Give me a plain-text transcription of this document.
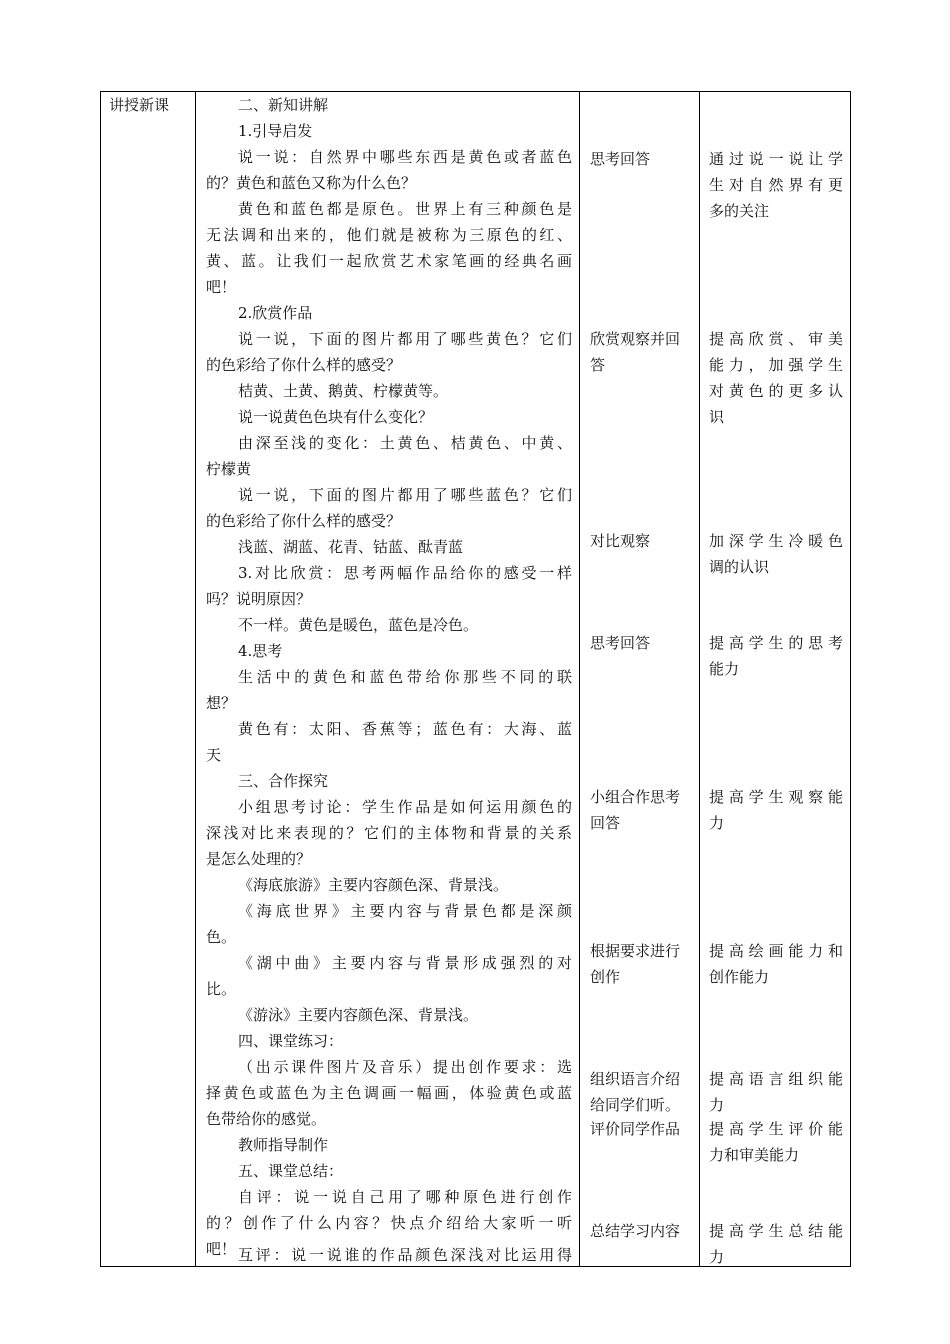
讲授新课	二、新知讲解
1.引导启发
说一说：自然界中哪些东西是黄色或者蓝色
的？黄色和蓝色又称为什么色？
黄色和蓝色都是原色。世界上有三种颜色是
无法调和出来的，他们就是被称为三原色的红、
黄、蓝。让我们一起欣赏艺术家笔画的经典名画
吧！
2.欣赏作品
说一说，下面的图片都用了哪些黄色？它们
的色彩给了你什么样的感受？
桔黄、土黄、鹅黄、柠檬黄等。
说一说黄色色块有什么变化？
由深至浅的变化：土黄色、桔黄色、中黄、
柠檬黄
说一说，下面的图片都用了哪些蓝色？它们
的色彩给了你什么样的感受？
浅蓝、湖蓝、花青、钴蓝、酞青蓝
3.对比欣赏：思考两幅作品给你的感受一样
吗？说明原因？
不一样。黄色是暖色，蓝色是冷色。
4.思考
生活中的黄色和蓝色带给你那些不同的联
想？
黄色有：太阳、香蕉等；蓝色有：大海、蓝
天
三、合作探究
小组思考讨论：学生作品是如何运用颜色的
深浅对比来表现的？它们的主体物和背景的关系
是怎么处理的？
《海底旅游》主要内容颜色深、背景浅。
《海底世界》主要内容与背景色都是深颜
色。
《湖中曲》主要内容与背景形成强烈的对
比。
《游泳》主要内容颜色深、背景浅。
四、课堂练习：
（出示课件图片及音乐）提出创作要求：选
择黄色或蓝色为主色调画一幅画，体验黄色或蓝
色带给你的感觉。
教师指导制作
五、课堂总结：
自评：说一说自己用了哪种原色进行创作
的？创作了什么内容？快点介绍给大家听一听
吧！ 互评：说一说谁的作品颜色深浅对比运用得
思考回答
欣赏观察并回
答
对比观察
思考回答
小组合作思考
回答
根据要求进行
创作
组织语言介绍
给同学们听。
评价同学作品
总结学习内容
通过说一说让学
生对自然界有更
多的关注
提高欣赏、审美
能力，加强学生
对黄色的更多认
识
加深学生冷暖色
调的认识
提高学生的思考
能力
提高学生观察能
力
提高绘画能力和
创作能力
提高语言组织能
力
提高学生评价能
力和审美能力
提高学生总结能
力
